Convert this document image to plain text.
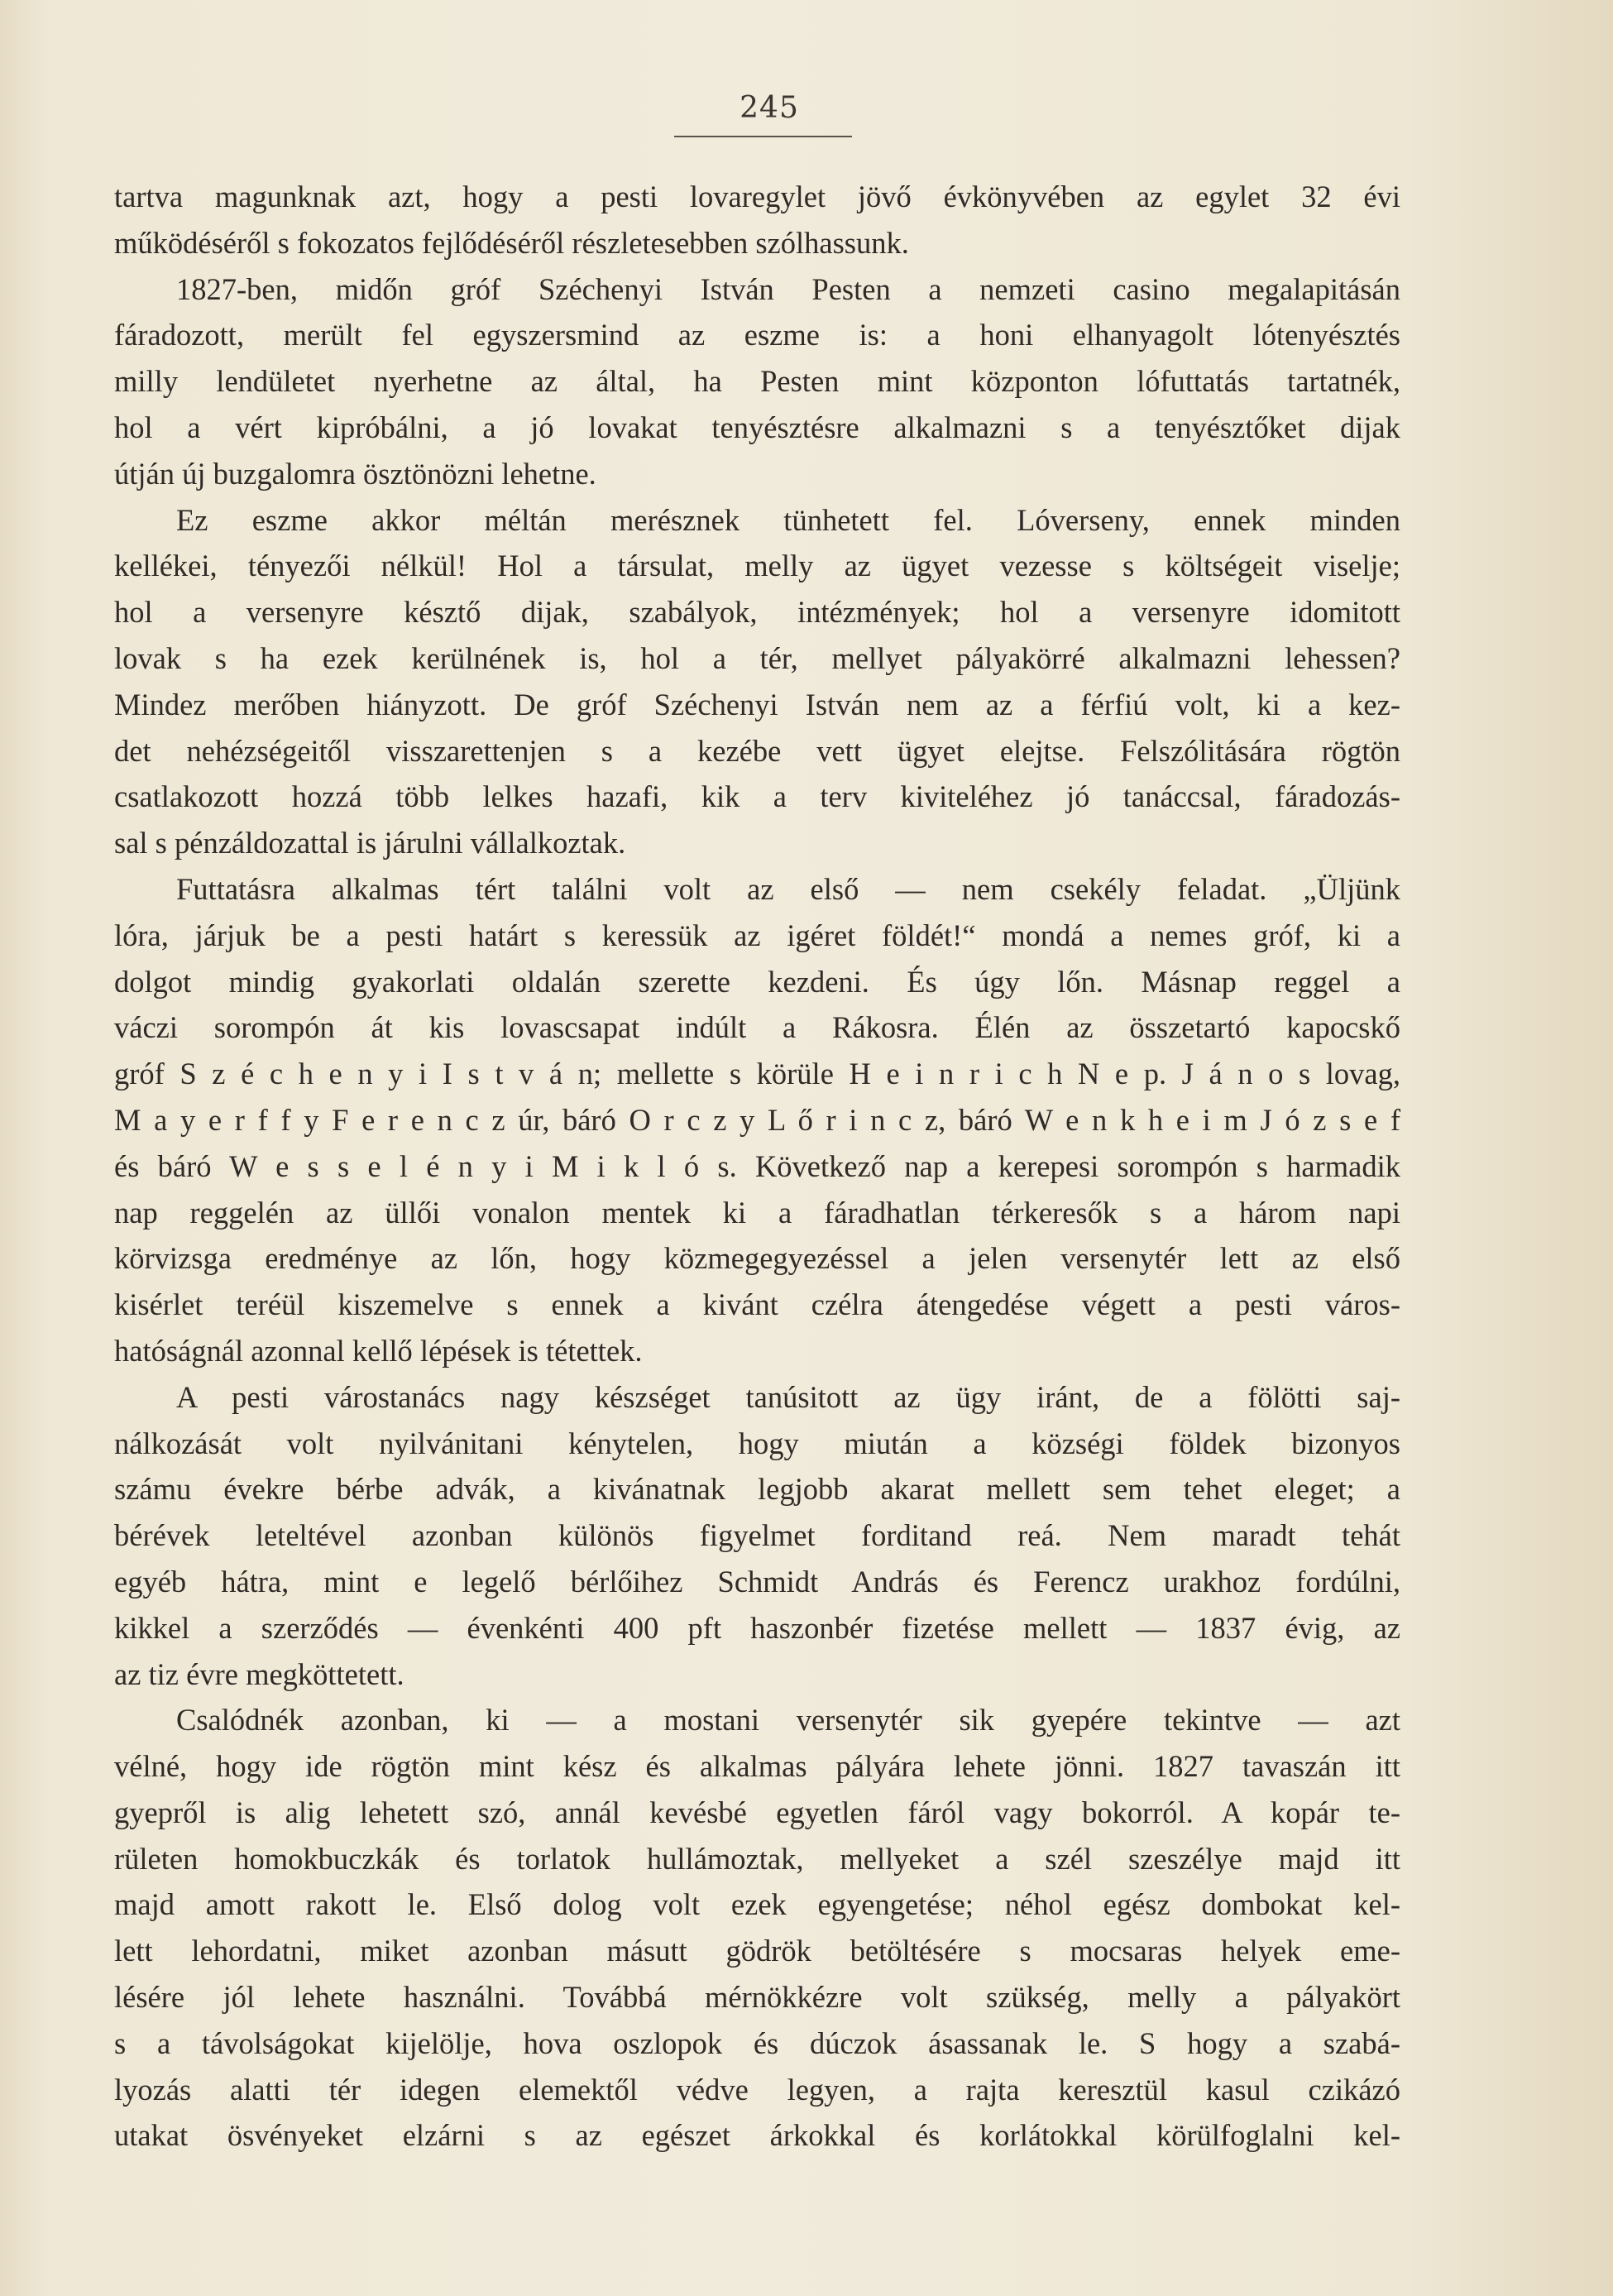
245
tartva magunknak azt, hogy a pesti lovaregylet jövő évkönyvében az egylet 32 évi
működéséről s fokozatos fejlődéséről részletesebben szólhassunk.
1827-ben, midőn gróf Széchenyi István Pesten a nemzeti casino megalapitásán
fáradozott, merült fel egyszersmind az eszme is: a honi elhanyagolt lótenyésztés
milly lendületet nyerhetne az által, ha Pesten mint központon lófuttatás tartatnék,
hol a vért kipróbálni, a jó lovakat tenyésztésre alkalmazni s a tenyésztőket dijak
útján új buzgalomra ösztönözni lehetne.
Ez eszme akkor méltán merésznek tünhetett fel. Lóverseny, ennek minden
kellékei, tényezői nélkül! Hol a társulat, melly az ügyet vezesse s költségeit viselje;
hol a versenyre késztő dijak, szabályok, intézmények; hol a versenyre idomitott
lovak s ha ezek kerülnének is, hol a tér, mellyet pályakörré alkalmazni lehessen?
Mindez merőben hiányzott. De gróf Széchenyi István nem az a férfiú volt, ki a kez-
det nehézségeitől visszarettenjen s a kezébe vett ügyet elejtse. Felszólitására rögtön
csatlakozott hozzá több lelkes hazafi, kik a terv kiviteléhez jó tanáccsal, fáradozás-
sal s pénzáldozattal is járulni vállalkoztak.
Futtatásra alkalmas tért találni volt az első — nem csekély feladat. „Üljünk
lóra, járjuk be a pesti határt s keressük az igéret földét!“ mondá a nemes gróf, ki a
dolgot mindig gyakorlati oldalán szerette kezdeni. És úgy lőn. Másnap reggel a
váczi sorompón át kis lovascsapat indúlt a Rákosra. Élén az összetartó kapocskő
gróf S z é c h e n y i I s t v á n; mellette s körüle H e i n r i c h N e p. J á n o s lovag,
M a y e r f f y F e r e n c z úr, báró O r c z y L ő r i n c z, báró W e n k h e i m J ó z s e f
és báró W e s s e l é n y i M i k l ó s. Következő nap a kerepesi sorompón s harmadik
nap reggelén az üllői vonalon mentek ki a fáradhatlan térkeresők s a három napi
körvizsga eredménye az lőn, hogy közmegegyezéssel a jelen versenytér lett az első
kisérlet teréül kiszemelve s ennek a kivánt czélra átengedése végett a pesti város-
hatóságnál azonnal kellő lépések is tétettek.
A pesti várostanács nagy készséget tanúsitott az ügy iránt, de a fölötti saj-
nálkozását volt nyilvánitani kénytelen, hogy miután a községi földek bizonyos
számu évekre bérbe advák, a kivánatnak legjobb akarat mellett sem tehet eleget; a
bérévek leteltével azonban különös figyelmet forditand reá. Nem maradt tehát
egyéb hátra, mint e legelő bérlőihez Schmidt András és Ferencz urakhoz fordúlni,
kikkel a szerződés — évenkénti 400 pft haszonbér fizetése mellett — 1837 évig, az
az tiz évre megköttetett.
Csalódnék azonban, ki — a mostani versenytér sik gyepére tekintve — azt
vélné, hogy ide rögtön mint kész és alkalmas pályára lehete jönni. 1827 tavaszán itt
gyepről is alig lehetett szó, annál kevésbé egyetlen fáról vagy bokorról. A kopár te-
rületen homokbuczkák és torlatok hullámoztak, mellyeket a szél szeszélye majd itt
majd amott rakott le. Első dolog volt ezek egyengetése; néhol egész dombokat kel-
lett lehordatni, miket azonban másutt gödrök betöltésére s mocsaras helyek eme-
lésére jól lehete használni. Továbbá mérnökkézre volt szükség, melly a pályakört
s a távolságokat kijelölje, hova oszlopok és dúczok ásassanak le. S hogy a szabá-
lyozás alatti tér idegen elemektől védve legyen, a rajta keresztül kasul czikázó
utakat ösvényeket elzárni s az egészet árkokkal és korlátokkal körülfoglalni kel-
